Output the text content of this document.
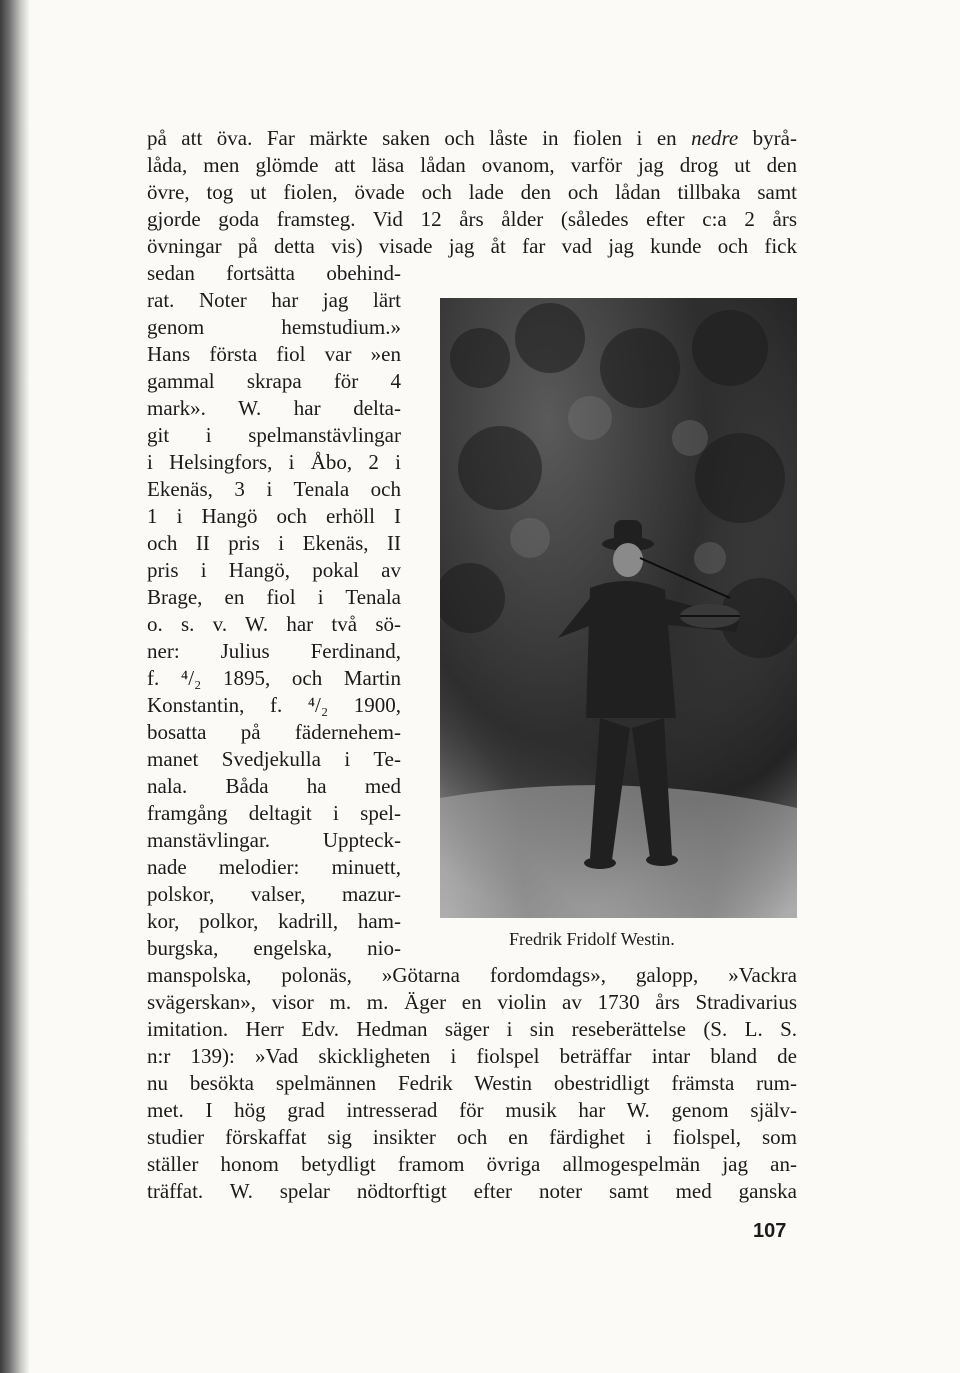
på att öva. Far märkte saken och låste in fiolen i en nedre byrå-
låda, men glömde att läsa lådan ovanom, varför jag drog ut den
övre, tog ut fiolen, övade och lade den och lådan tillbaka samt
gjorde goda framsteg. Vid 12 års ålder (således efter c:a 2 års
övningar på detta vis) visade jag åt far vad jag kunde och fick
sedan fortsätta obehind-
rat. Noter har jag lärt
genom hemstudium.»
Hans första fiol var »en
gammal skrapa för 4
mark». W. har delta-
git i spelmanstävlingar
i Helsingfors, i Åbo, 2 i
Ekenäs, 3 i Tenala och
1 i Hangö och erhöll I
och II pris i Ekenäs, II
pris i Hangö, pokal av
Brage, en fiol i Tenala
o. s. v. W. har två sö-
ner: Julius Ferdinand,
f. ⁴/₂ 1895, och Martin
Konstantin, f. ⁴/₂ 1900,
bosatta på fädernehem-
manet Svedjekulla i Te-
nala. Båda ha med
framgång deltagit i spel-
manstävlingar. Uppteck-
nade melodier: minuett,
polskor, valser, mazur-
kor, polkor, kadrill, ham-
burgska, engelska, nio-	Fredrik Fridolf Westin.
manspolska, polonäs, »Götarna fordomdags», galopp, »Vackra
svägerskan», visor m. m. Äger en violin av 1730 års Stradivarius
imitation. Herr Edv. Hedman säger i sin reseberättelse (S. L. S.
n:r 139): »Vad skickligheten i fiolspel beträffar intar bland de
nu besökta spelmännen Fedrik Westin obestridligt främsta rum-
met. I hög grad intresserad för musik har W. genom själv-
studier förskaffat sig insikter och en färdighet i fiolspel, som
ställer honom betydligt framom övriga allmogespelmän jag an-
träffat. W. spelar nödtorftigt efter noter samt med ganska
107
